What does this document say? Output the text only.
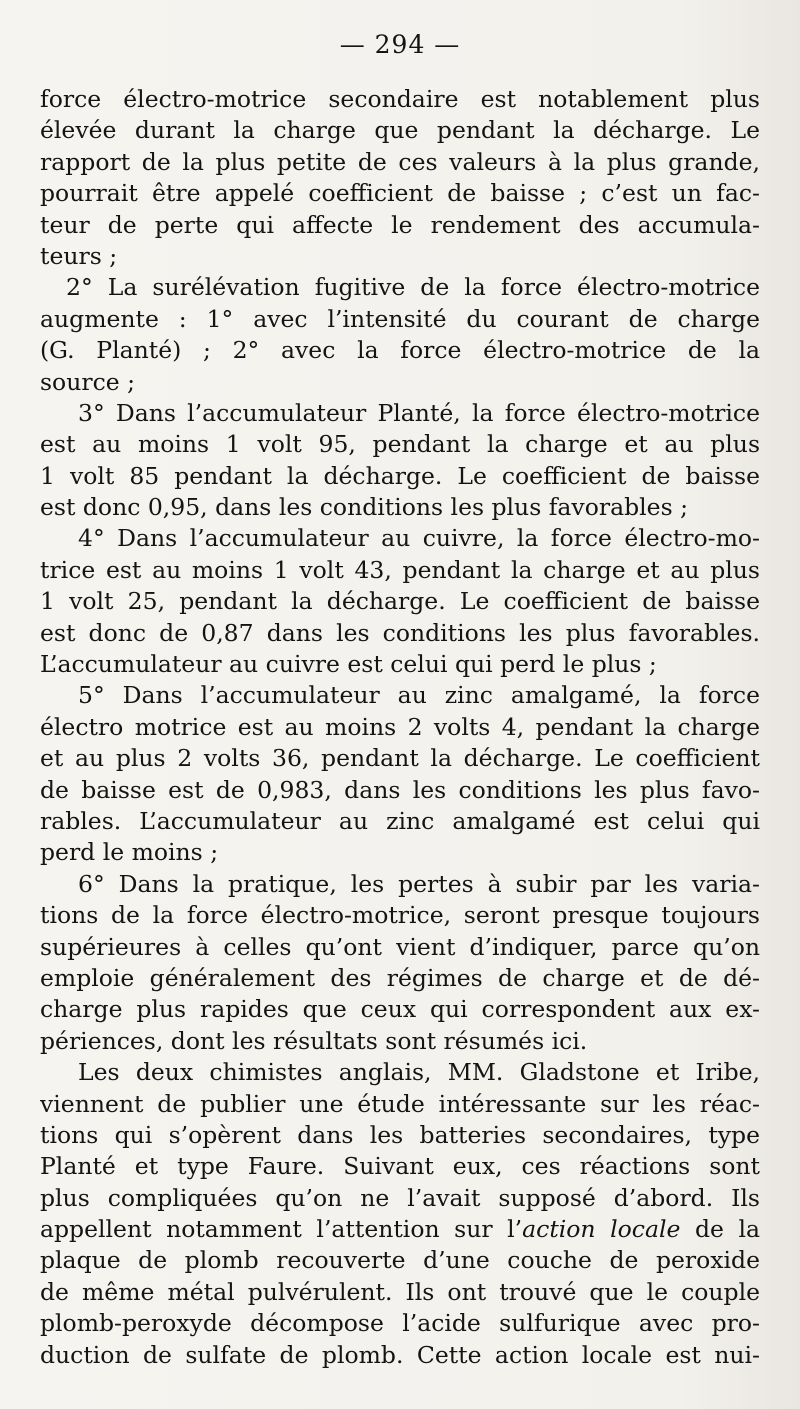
— 294 —
force électro-motrice secondaire est notablement plus
élevée durant la charge que pendant la décharge. Le
rapport de la plus petite de ces valeurs à la plus grande,
pourrait être appelé coefficient de baisse ; c’est un fac-
teur de perte qui affecte le rendement des accumula-
teurs ;
2° La surélévation fugitive de la force électro-motrice
augmente : 1° avec l’intensité du courant de charge
(G. Planté) ; 2° avec la force électro-motrice de la
source ;
3° Dans l’accumulateur Planté, la force électro-motrice
est au moins 1 volt 95, pendant la charge et au plus
1 volt 85 pendant la décharge. Le coefficient de baisse
est donc 0,95, dans les conditions les plus favorables ;
4° Dans l’accumulateur au cuivre, la force électro-mo-
trice est au moins 1 volt 43, pendant la charge et au plus
1 volt 25, pendant la décharge. Le coefficient de baisse
est donc de 0,87 dans les conditions les plus favorables.
L’accumulateur au cuivre est celui qui perd le plus ;
5° Dans l’accumulateur au zinc amalgamé, la force
électro motrice est au moins 2 volts 4, pendant la charge
et au plus 2 volts 36, pendant la décharge. Le coefficient
de baisse est de 0,983, dans les conditions les plus favo-
rables. L’accumulateur au zinc amalgamé est celui qui
perd le moins ;
6° Dans la pratique, les pertes à subir par les varia-
tions de la force électro-motrice, seront presque toujours
supérieures à celles qu’ont vient d’indiquer, parce qu’on
emploie généralement des régimes de charge et de dé-
charge plus rapides que ceux qui correspondent aux ex-
périences, dont les résultats sont résumés ici.
Les deux chimistes anglais, MM. Gladstone et Iribe,
viennent de publier une étude intéressante sur les réac-
tions qui s’opèrent dans les batteries secondaires, type
Planté et type Faure. Suivant eux, ces réactions sont
plus compliquées qu’on ne l’avait supposé d’abord. Ils
appellent notamment l’attention sur l’action locale de la
plaque de plomb recouverte d’une couche de peroxide
de même métal pulvérulent. Ils ont trouvé que le couple
plomb-peroxyde décompose l’acide sulfurique avec pro-
duction de sulfate de plomb. Cette action locale est nui-
